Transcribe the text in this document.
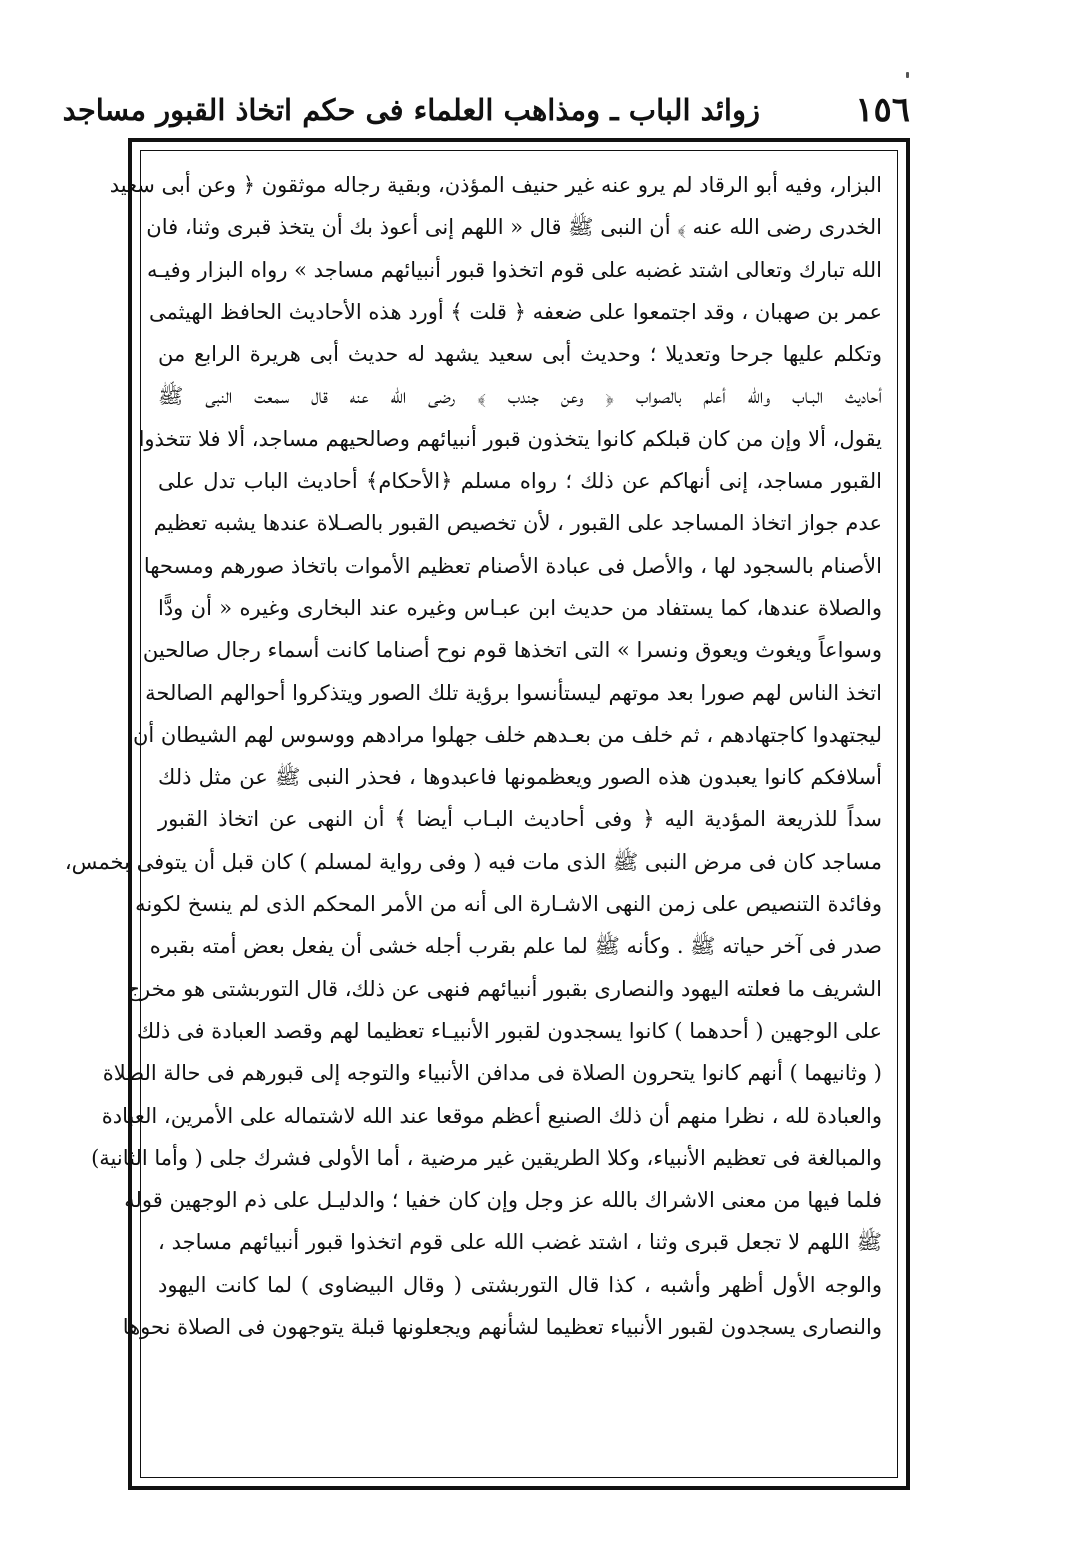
١٥٦
زوائد الباب ـ ومذاهب العلماء فى حكم اتخاذ القبور مساجد
البزار، وفيه أبو الرقاد لم يرو عنه غير حنيف المؤذن، وبقية رجاله موثقون ﴿ وعن أبى سعيد
الخدرى رضى الله عنه ﴾ أن النبى ﷺ قال « اللهم إنى أعوذ بك أن يتخذ قبرى وثنا، فان
الله تبارك وتعالى اشتد غضبه على قوم اتخذوا قبور أنبيائهم مساجد » رواه البزار وفيـه
عمر بن صهبان ، وقد اجتمعوا على ضعفه ﴿ قلت ﴾ أورد هذه الأحاديث الحافظ الهيثمى
وتكلم عليها جرحا وتعديلا ؛ وحديث أبى سعيد يشهد له حديث أبى هريرة الرابع من
أحاديث البـاب والله أعلم بالصواب ﴿ وعن جندب ﴾ رضى الله عنه قال سمعت النبى ﷺ
يقول، ألا وإن من كان قبلكم كانوا يتخذون قبور أنبيائهم وصالحيهم مساجد، ألا فلا تتخذوا
القبور مساجد، إنى أنهاكم عن ذلك ؛ رواه مسلم ﴿الأحكام﴾ أحاديث الباب تدل على
عدم جواز اتخاذ المساجد على القبور ، لأن تخصيص القبور بالصـلاة عندها يشبه تعظيم
الأصنام بالسجود لها ، والأصل فى عبادة الأصنام تعظيم الأموات باتخاذ صورهم ومسحها
والصلاة عندها، كما يستفاد من حديث ابن عبـاس وغيره عند البخارى وغيره « أن ودًّا
وسواعاً ويغوث ويعوق ونسرا » التى اتخذها قوم نوح أصناما كانت أسماء رجال صالحين
اتخذ الناس لهم صورا بعد موتهم ليستأنسوا برؤية تلك الصور ويتذكروا أحوالهم الصالحة
ليجتهدوا كاجتهادهم ، ثم خلف من بعـدهم خلف جهلوا مرادهم ووسوس لهم الشيطان أن
أسلافكم كانوا يعبدون هذه الصور ويعظمونها فاعبدوها ، فحذر النبى ﷺ عن مثل ذلك
سداً للذريعة المؤدية اليه ﴿ وفى أحاديث البـاب أيضا ﴾ أن النهى عن اتخاذ القبور
مساجد كان فى مرض النبى ﷺ الذى مات فيه ( وفى رواية لمسلم ) كان قبل أن يتوفى بخمس،
وفائدة التنصيص على زمن النهى الاشـارة الى أنه من الأمر المحكم الذى لم ينسخ لكونه
صدر فى آخر حياته ﷺ . وكأنه ﷺ لما علم بقرب أجله خشى أن يفعل بعض أمته بقبره
الشريف ما فعلته اليهود والنصارى بقبور أنبيائهم فنهى عن ذلك، قال التوربشتى هو مخرج
على الوجهين ( أحدهما ) كانوا يسجدون لقبور الأنبيـاء تعظيما لهم وقصد العبادة فى ذلك
( وثانيهما ) أنهم كانوا يتحرون الصلاة فى مدافن الأنبياء والتوجه إلى قبورهم فى حالة الصلاة
والعبادة لله ، نظرا منهم أن ذلك الصنيع أعظم موقعا عند الله لاشتماله على الأمرين، العبادة
والمبالغة فى تعظيم الأنبياء، وكلا الطريقين غير مرضية ، أما الأولى فشرك جلى ( وأما الثانية)
فلما فيها من معنى الاشراك بالله عز وجل وإن كان خفيا ؛ والدليـل على ذم الوجهين قوله
ﷺ اللهم لا تجعل قبرى وثنا ، اشتد غضب الله على قوم اتخذوا قبور أنبيائهم مساجد ،
والوجه الأول أظهر وأشبه ، كذا قال التوربشتى ( وقال البيضاوى ) لما كانت اليهود
والنصارى يسجدون لقبور الأنبياء تعظيما لشأنهم ويجعلونها قبلة يتوجهون فى الصلاة نحوها
